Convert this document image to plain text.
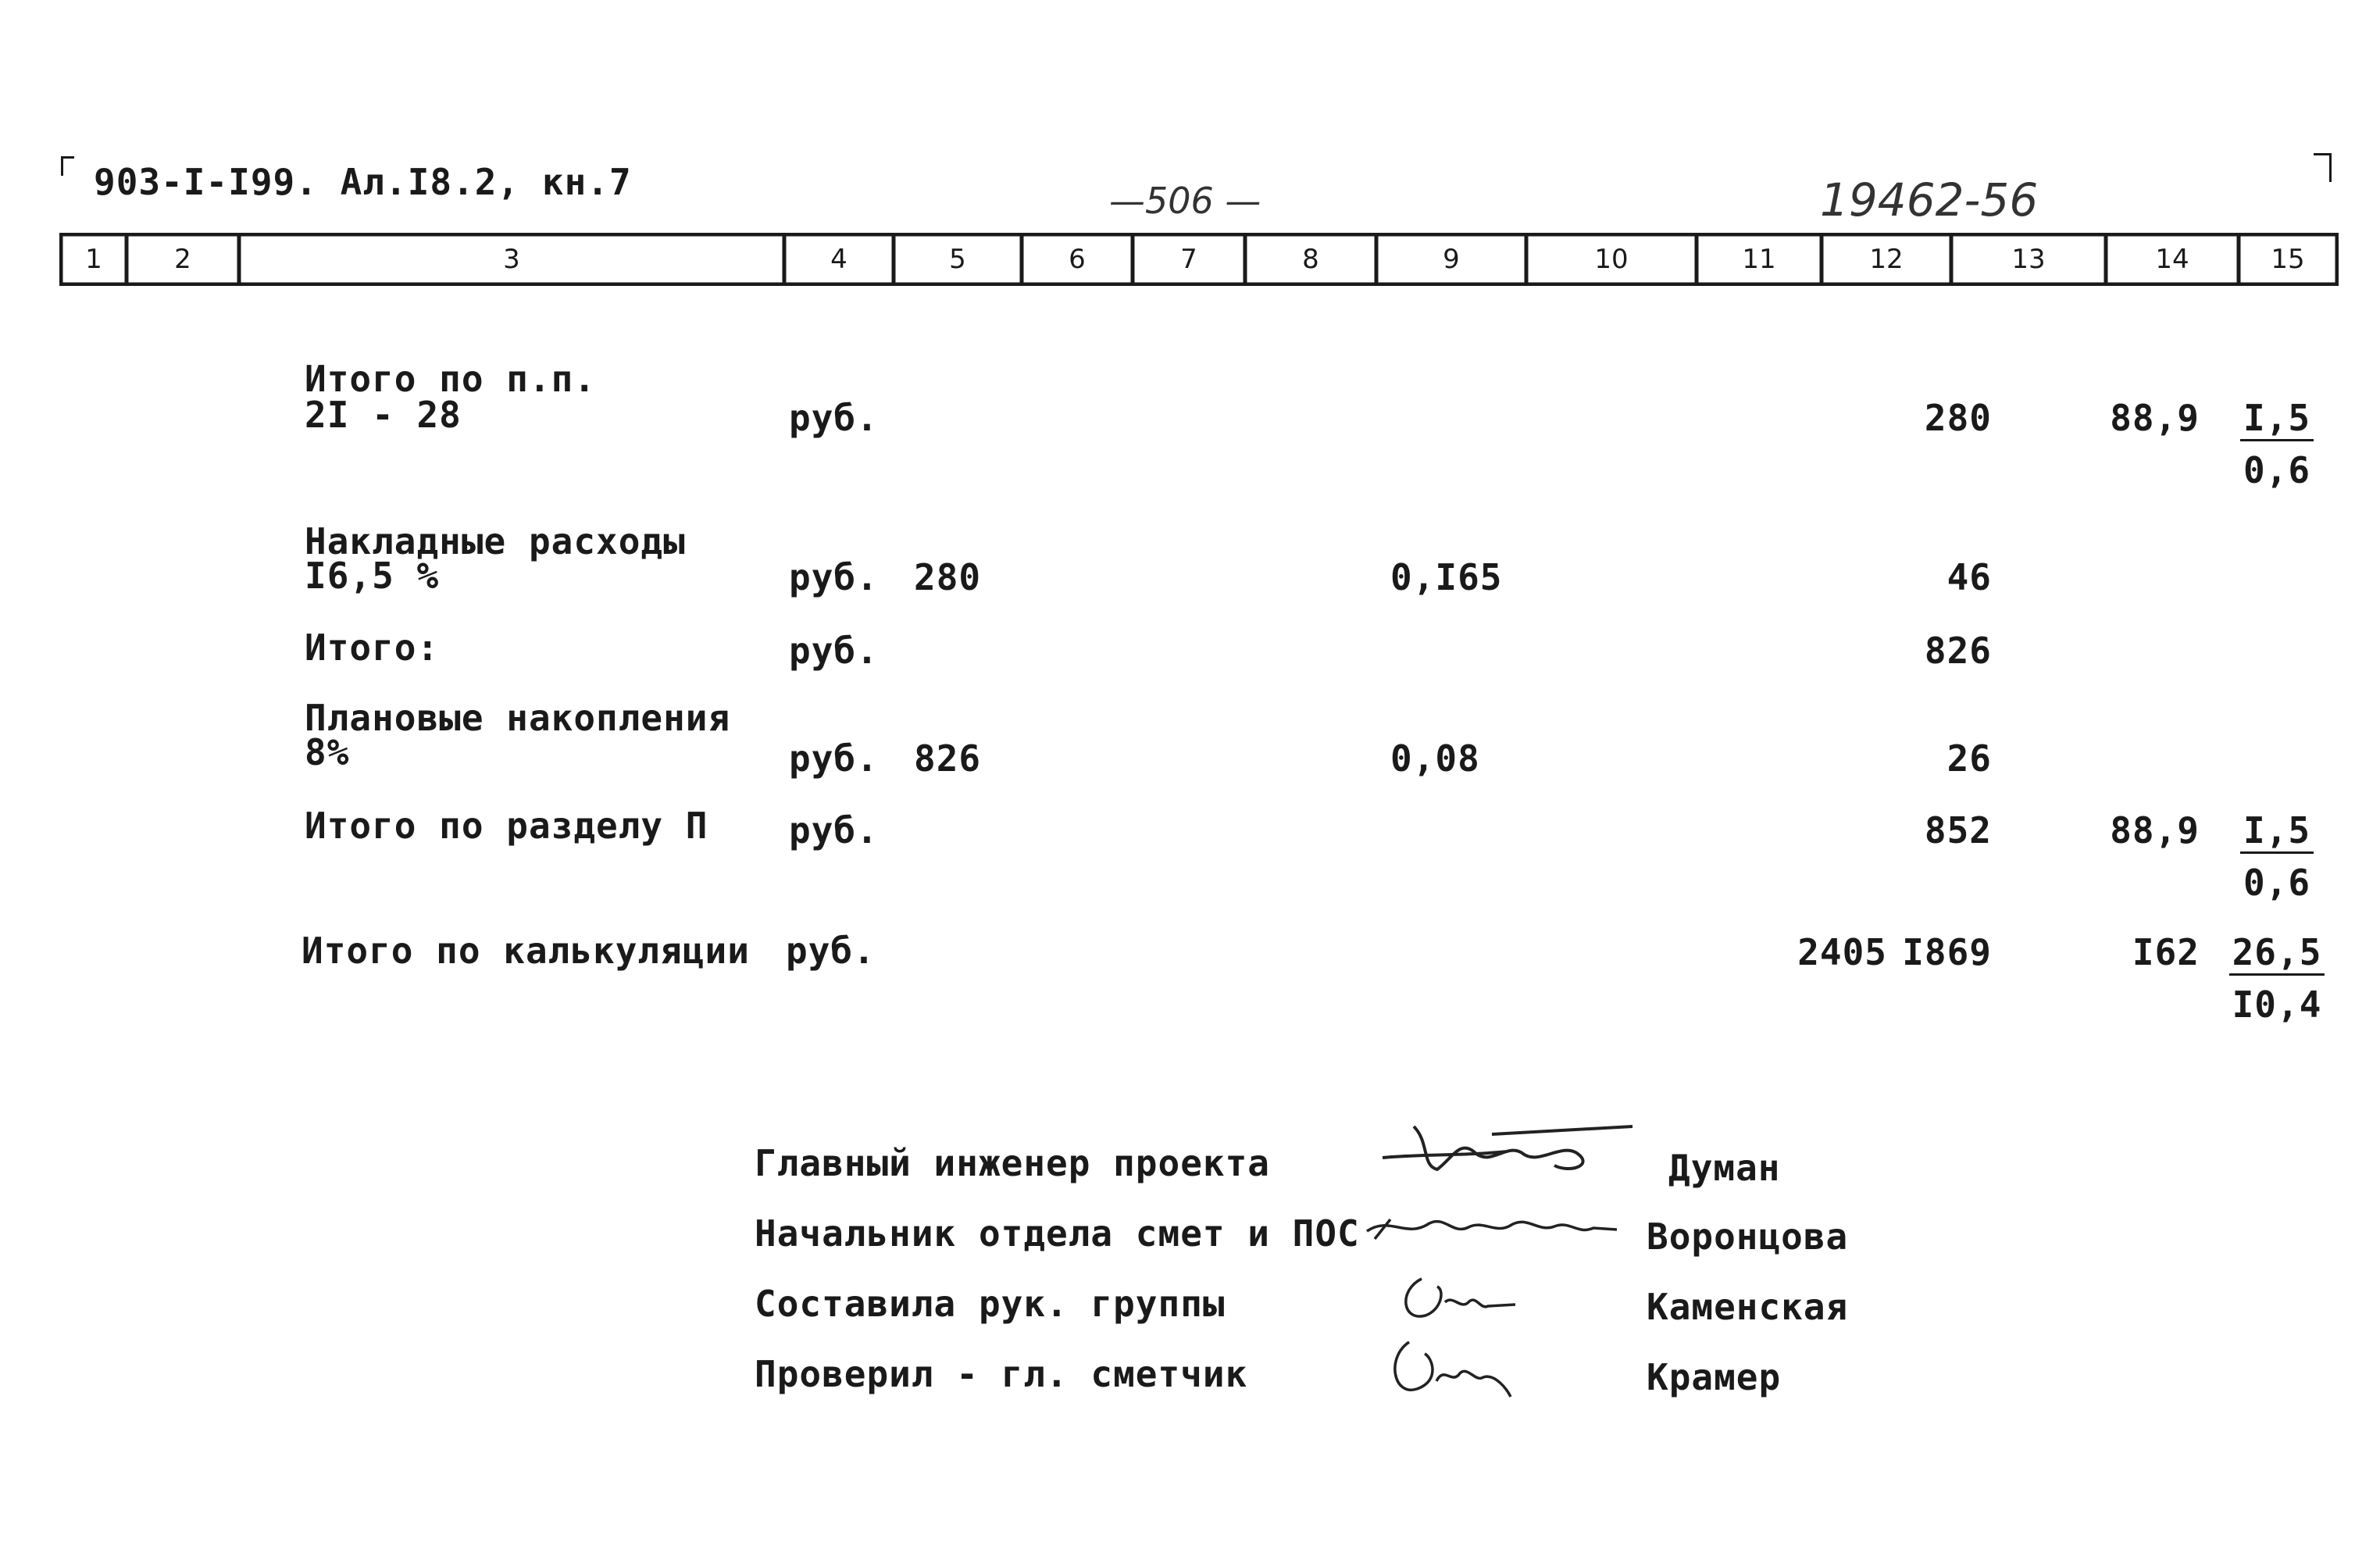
903-I-I99. Ал.I8.2, кн.7	—506 —	19462-56
1	2	3	4	5	6	7	8	9	10	11	12	13	14	15
Итого по п.п.
2I - 28	руб.	280	$88,9 \frac{I,5}{0,6}$
Накладные расходы
I6,5 %	руб. 280	0,I65	46
Итого:	руб.	826
Плановые накопления
8%	руб. 826	0,08	26
Итого по разделу П руб.	852	$88,9 \frac{I,5}{0,6}$
Итого по калькуляции руб.	2405 I869	$I62 \frac{26,5}{I0,4}$
Главный инженер проекта	Думан
Начальник отдела смет и ПОС	Воронцова
Составила рук. группы	Каменская
Проверил - гл. сметчик	Крамер
